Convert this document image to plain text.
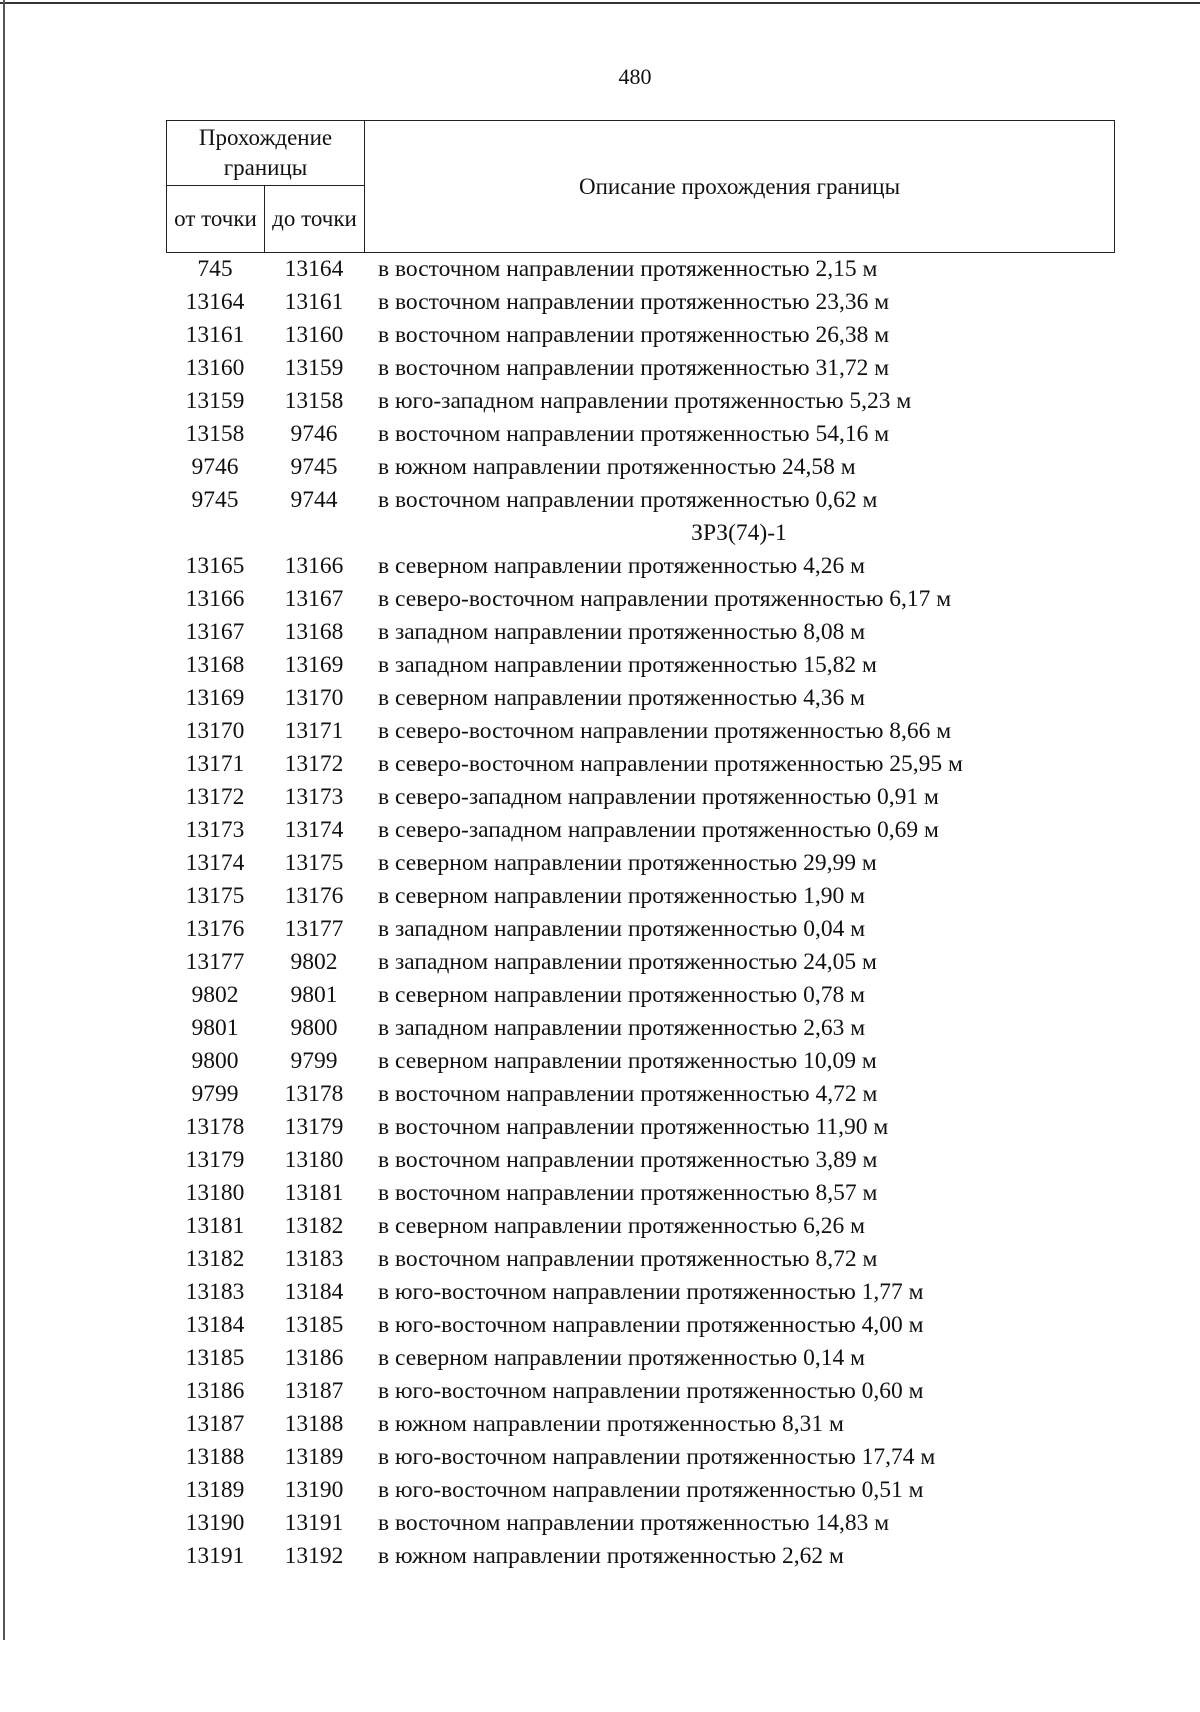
480
Прохождение границы		Описание прохождения границы
от точки	до точки	
745	13164	в восточном направлении протяженностью 2,15 м
13164	13161	в восточном направлении протяженностью 23,36 м
13161	13160	в восточном направлении протяженностью 26,38 м
13160	13159	в восточном направлении протяженностью 31,72 м
13159	13158	в юго-западном направлении протяженностью 5,23 м
13158	9746	в восточном направлении протяженностью 54,16 м
9746	9745	в южном направлении протяженностью 24,58 м
9745	9744	в восточном направлении протяженностью 0,62 м
ЗРЗ(74)-1
13165	13166	в северном направлении протяженностью 4,26 м
13166	13167	в северо-восточном направлении протяженностью 6,17 м
13167	13168	в западном направлении протяженностью 8,08 м
13168	13169	в западном направлении протяженностью 15,82 м
13169	13170	в северном направлении протяженностью 4,36 м
13170	13171	в северо-восточном направлении протяженностью 8,66 м
13171	13172	в северо-восточном направлении протяженностью 25,95 м
13172	13173	в северо-западном направлении протяженностью 0,91 м
13173	13174	в северо-западном направлении протяженностью 0,69 м
13174	13175	в северном направлении протяженностью 29,99 м
13175	13176	в северном направлении протяженностью 1,90 м
13176	13177	в западном направлении протяженностью 0,04 м
13177	9802	в западном направлении протяженностью 24,05 м
9802	9801	в северном направлении протяженностью 0,78 м
9801	9800	в западном направлении протяженностью 2,63 м
9800	9799	в северном направлении протяженностью 10,09 м
9799	13178	в восточном направлении протяженностью 4,72 м
13178	13179	в восточном направлении протяженностью 11,90 м
13179	13180	в восточном направлении протяженностью 3,89 м
13180	13181	в восточном направлении протяженностью 8,57 м
13181	13182	в северном направлении протяженностью 6,26 м
13182	13183	в восточном направлении протяженностью 8,72 м
13183	13184	в юго-восточном направлении протяженностью 1,77 м
13184	13185	в юго-восточном направлении протяженностью 4,00 м
13185	13186	в северном направлении протяженностью 0,14 м
13186	13187	в юго-восточном направлении протяженностью 0,60 м
13187	13188	в южном направлении протяженностью 8,31 м
13188	13189	в юго-восточном направлении протяженностью 17,74 м
13189	13190	в юго-восточном направлении протяженностью 0,51 м
13190	13191	в восточном направлении протяженностью 14,83 м
13191	13192	в южном направлении протяженностью 2,62 м
